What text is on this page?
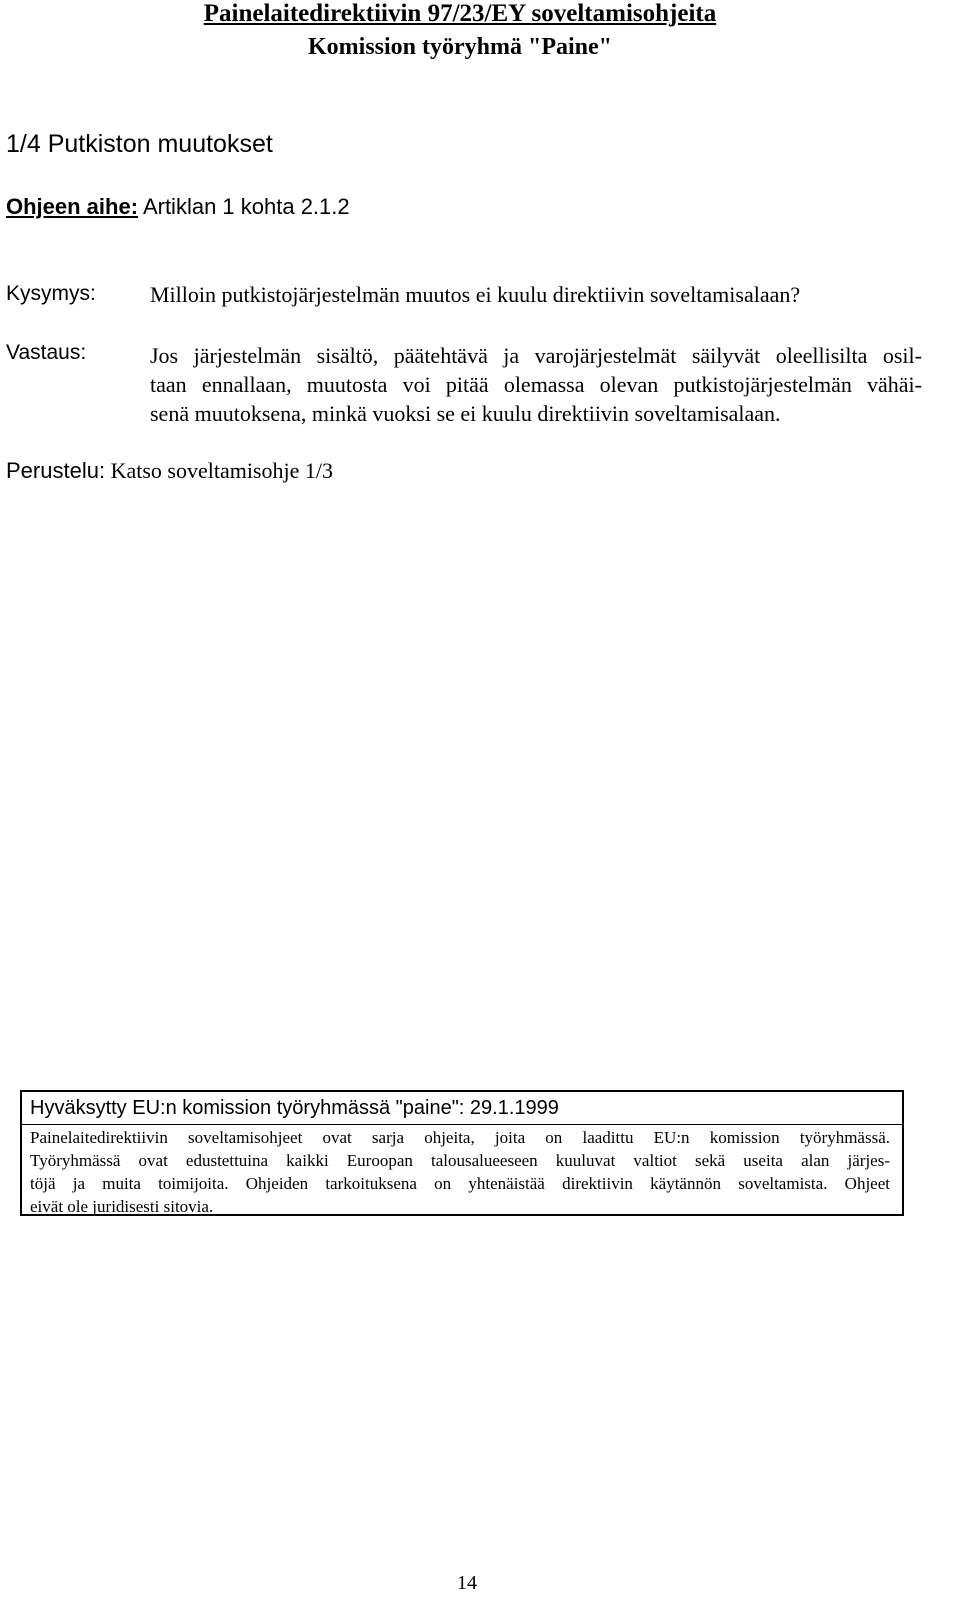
Painelaitedirektiivin 97/23/EY soveltamisohjeita
Komission työryhmä "Paine"
1/4 Putkiston muutokset
Ohjeen aihe: Artiklan 1 kohta 2.1.2
Kysymys: Milloin putkistojärjestelmän muutos ei kuulu direktiivin soveltamisalaan?
Vastaus:	Jos järjestelmän sisältö, päätehtävä ja varojärjestelmät säilyvät oleellisilta osil-
taan ennallaan, muutosta voi pitää olemassa olevan putkistojärjestelmän vähäi-
senä muutoksena, minkä vuoksi se ei kuulu direktiivin soveltamisalaan.
Perustelu: Katso soveltamisohje 1/3
Hyväksytty EU:n komission työryhmässä "paine": 29.1.1999
Painelaitedirektiivin soveltamisohjeet ovat sarja ohjeita, joita on laadittu EU:n komission työryhmässä.
Työryhmässä ovat edustettuina kaikki Euroopan talousalueeseen kuuluvat valtiot sekä useita alan järjes-
töjä ja muita toimijoita. Ohjeiden tarkoituksena on yhtenäistää direktiivin käytännön soveltamista. Ohjeet
eivät ole juridisesti sitovia.
14
